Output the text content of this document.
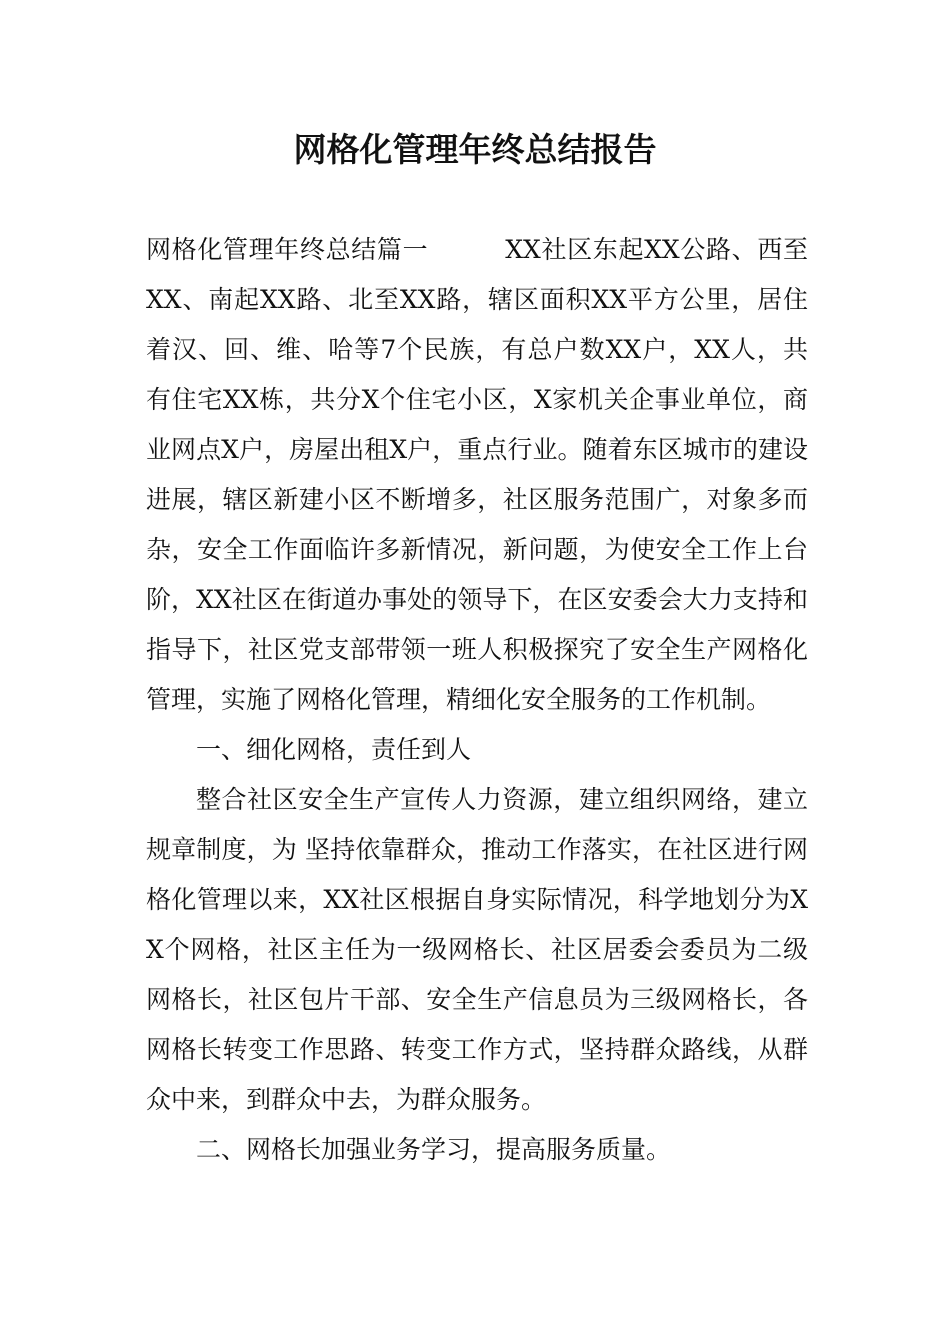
网格化管理年终总结报告

网格化管理年终总结篇一　　　XX社区东起XX公路、西至XX、南起XX路、北至XX路，辖区面积XX平方公里，居住着汉、回、维、哈等7个民族，有总户数XX户，XX人，共有住宅XX栋，共分X个住宅小区，X家机关企事业单位，商业网点X户，房屋出租X户，重点行业。随着东区城市的建设进展，辖区新建小区不断增多，社区服务范围广，对象多而杂，安全工作面临许多新情况，新问题，为使安全工作上台阶，XX社区在街道办事处的领导下，在区安委会大力支持和指导下，社区党支部带领一班人积极探究了安全生产网格化管理，实施了网格化管理，精细化安全服务的工作机制。

一、细化网格，责任到人

整合社区安全生产宣传人力资源，建立组织网络，建立规章制度，为 坚持依靠群众，推动工作落实，在社区进行网格化管理以来，XX社区根据自身实际情况，科学地划分为XX个网格，社区主任为一级网格长、社区居委会委员为二级网格长，社区包片干部、安全生产信息员为三级网格长，各网格长转变工作思路、转变工作方式，坚持群众路线，从群众中来，到群众中去，为群众服务。

二、网格长加强业务学习，提高服务质量。
